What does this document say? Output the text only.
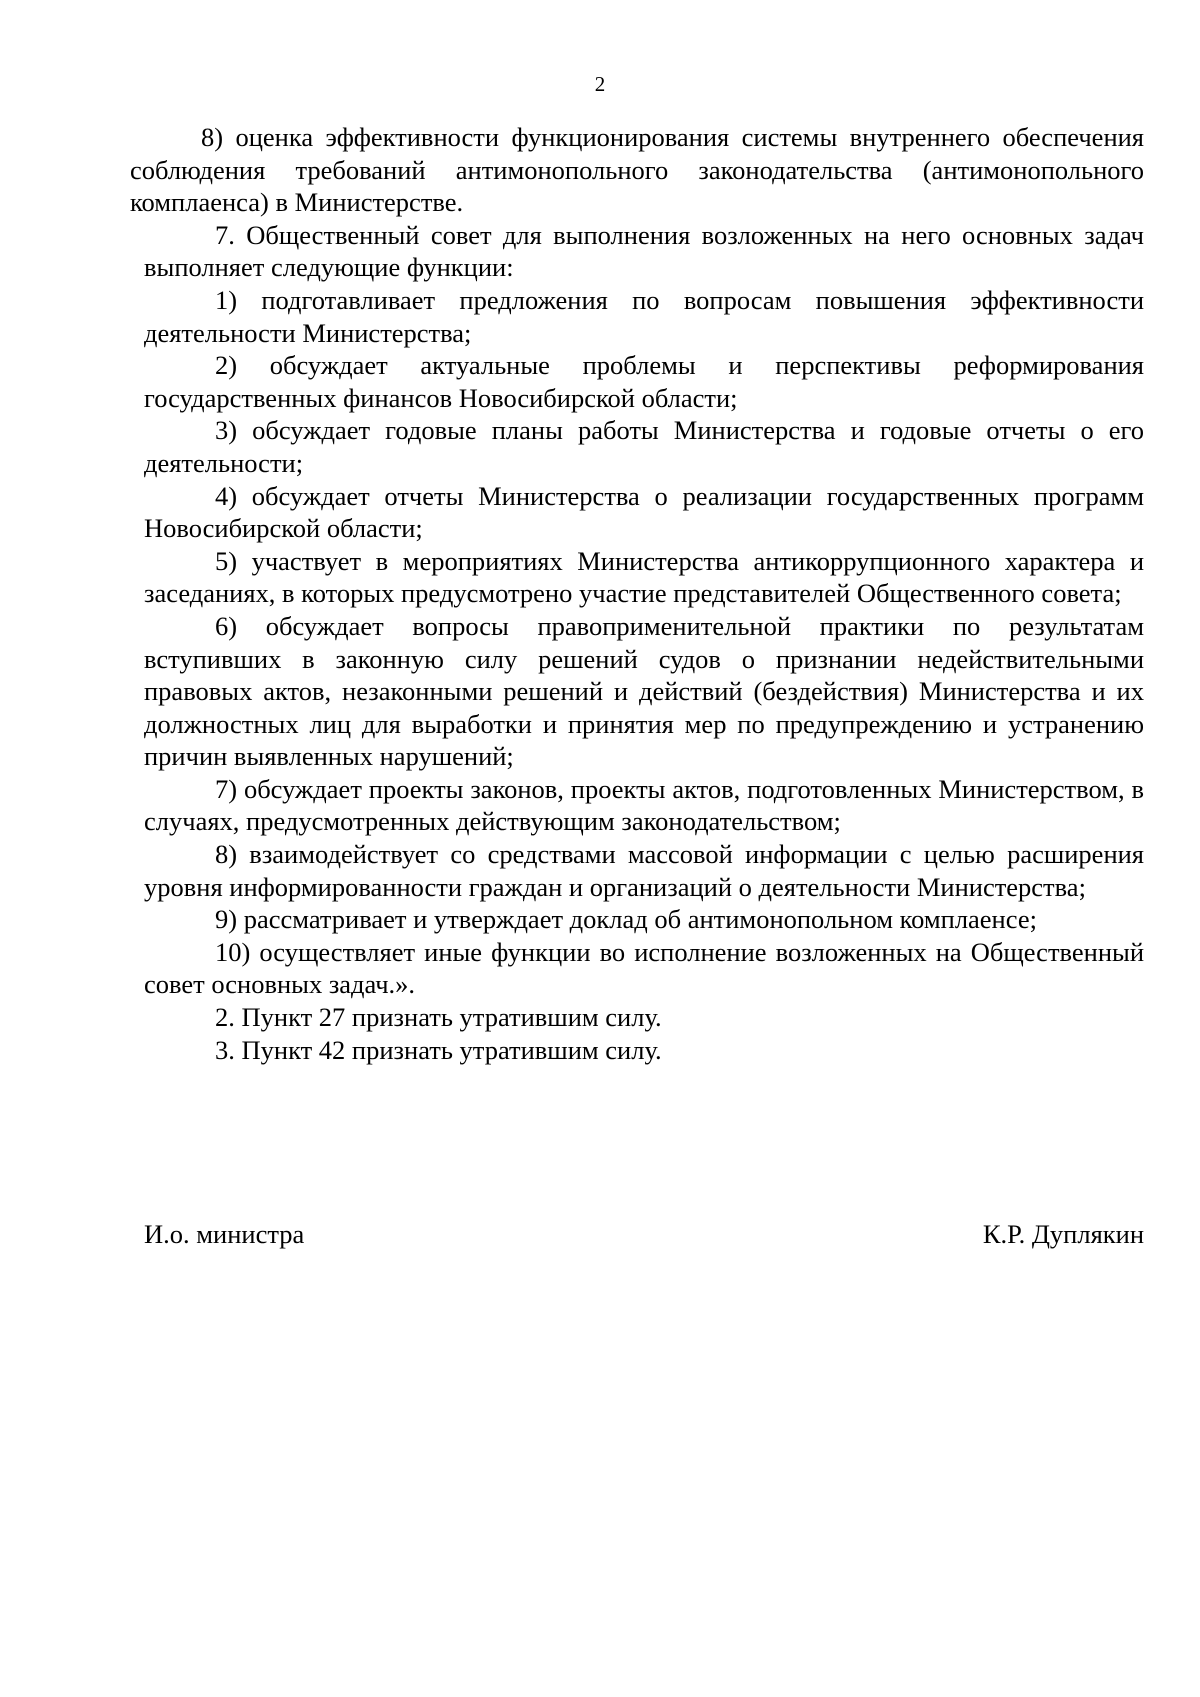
2

8) оценка эффективности функционирования системы внутреннего обеспечения соблюдения требований антимонопольного законодательства (антимонопольного комплаенса) в Министерстве.

7. Общественный совет для выполнения возложенных на него основных задач выполняет следующие функции:

1) подготавливает предложения по вопросам повышения эффективности деятельности Министерства;

2) обсуждает актуальные проблемы и перспективы реформирования государственных финансов Новосибирской области;

3) обсуждает годовые планы работы Министерства и годовые отчеты о его деятельности;

4) обсуждает отчеты Министерства о реализации государственных программ Новосибирской области;

5) участвует в мероприятиях Министерства антикоррупционного характера и заседаниях, в которых предусмотрено участие представителей Общественного совета;

6) обсуждает вопросы правоприменительной практики по результатам вступивших в законную силу решений судов о признании недействительными правовых актов, незаконными решений и действий (бездействия) Министерства и их должностных лиц для выработки и принятия мер по предупреждению и устранению причин выявленных нарушений;

7) обсуждает проекты законов, проекты актов, подготовленных Министерством, в случаях, предусмотренных действующим законодательством;

8) взаимодействует со средствами массовой информации с целью расширения уровня информированности граждан и организаций о деятельности Министерства;

9) рассматривает и утверждает доклад об антимонопольном комплаенсе;

10) осуществляет иные функции во исполнение возложенных на Общественный совет основных задач.».

2. Пункт 27 признать утратившим силу.

3. Пункт 42 признать утратившим силу.

И.о. министра	К.Р. Дуплякин
